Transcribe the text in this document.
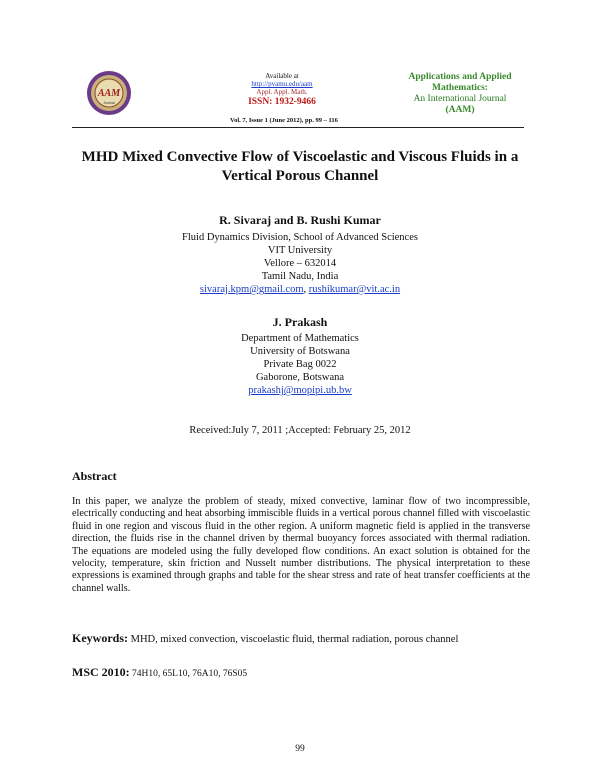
AAM
Journal
Available at
http://pvamu.edu/aam
Appl. Appl. Math.
ISSN: 1932-9466
Applications and Applied
Mathematics:
An International Journal
(AAM)
Vol. 7, Issue 1 (June 2012), pp. 99 – 116
MHD Mixed Convective Flow of Viscoelastic and Viscous Fluids in a
Vertical Porous Channel
R. Sivaraj and B. Rushi Kumar
Fluid Dynamics Division, School of Advanced Sciences
VIT University
Vellore – 632014
Tamil Nadu, India
sivaraj.kpm@gmail.com, rushikumar@vit.ac.in
J. Prakash
Department of Mathematics
University of Botswana
Private Bag 0022
Gaborone, Botswana
prakashj@mopipi.ub.bw
Received:July 7, 2011 ;Accepted: February 25, 2012
Abstract
In this paper, we analyze the problem of steady, mixed convective, laminar flow of two incompressible, electrically conducting and heat absorbing immiscible fluids in a vertical porous channel filled with viscoelastic fluid in one region and viscous fluid in the other region. A uniform magnetic field is applied in the transverse direction, the fluids rise in the channel driven by thermal buoyancy forces associated with thermal radiation. The equations are modeled using the fully developed flow conditions. An exact solution is obtained for the velocity, temperature, skin friction and Nusselt number distributions. The physical interpretation to these expressions is examined through graphs and table for the shear stress and rate of heat transfer coefficients at the channel walls.
Keywords: MHD, mixed convection, viscoelastic fluid, thermal radiation, porous channel
MSC 2010: 74H10, 65L10, 76A10, 76S05
99
